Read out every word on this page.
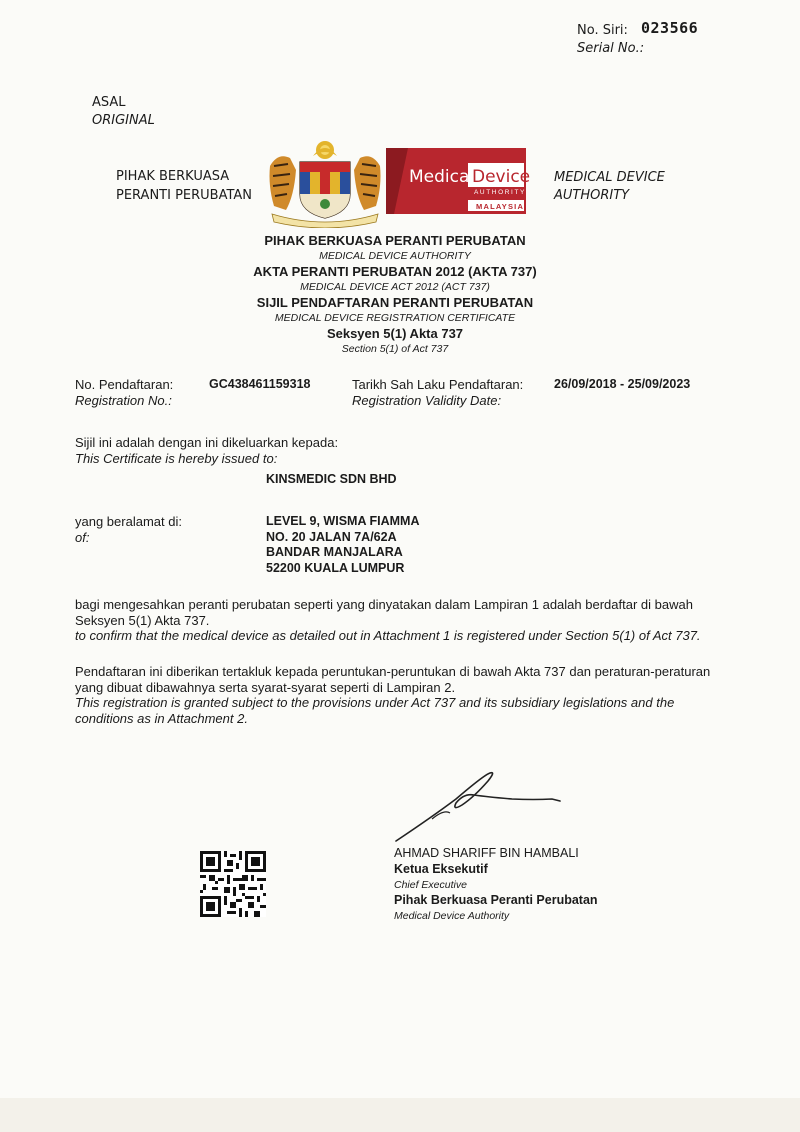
No. Siri: 023566
Serial No.:
ASAL
ORIGINAL
PIHAK BERKUASA
PERANTI PERUBATAN
MEDICAL DEVICE
AUTHORITY
Medical
Device
AUTHORITY
MALAYSIA
PIHAK BERKUASA PERANTI PERUBATAN
MEDICAL DEVICE AUTHORITY
AKTA PERANTI PERUBATAN 2012 (AKTA 737)
MEDICAL DEVICE ACT 2012 (ACT 737)
SIJIL PENDAFTARAN PERANTI PERUBATAN
MEDICAL DEVICE REGISTRATION CERTIFICATE
Seksyen 5(1) Akta 737
Section 5(1) of Act 737
No. Pendaftaran:
Registration No.:
GC438461159318	Tarikh Sah Laku Pendaftaran:
Registration Validity Date:
26/09/2018 - 25/09/2023
Sijil ini adalah dengan ini dikeluarkan kepada:
This Certificate is hereby issued to:
KINSMEDIC SDN BHD
yang beralamat di:
of:
LEVEL 9, WISMA FIAMMA
NO. 20 JALAN 7A/62A
BANDAR MANJALARA
52200 KUALA LUMPUR
bagi mengesahkan peranti perubatan seperti yang dinyatakan dalam Lampiran 1 adalah berdaftar di bawah
Seksyen 5(1) Akta 737.
to confirm that the medical device as detailed out in Attachment 1 is registered under Section 5(1) of Act 737.
Pendaftaran ini diberikan tertakluk kepada peruntukan-peruntukan di bawah Akta 737 dan peraturan-peraturan
yang dibuat dibawahnya serta syarat-syarat seperti di Lampiran 2.
This registration is granted subject to the provisions under Act 737 and its subsidiary legislations and the
conditions as in Attachment 2.
AHMAD SHARIFF BIN HAMBALI
Ketua Eksekutif
Chief Executive
Pihak Berkuasa Peranti Perubatan
Medical Device Authority
